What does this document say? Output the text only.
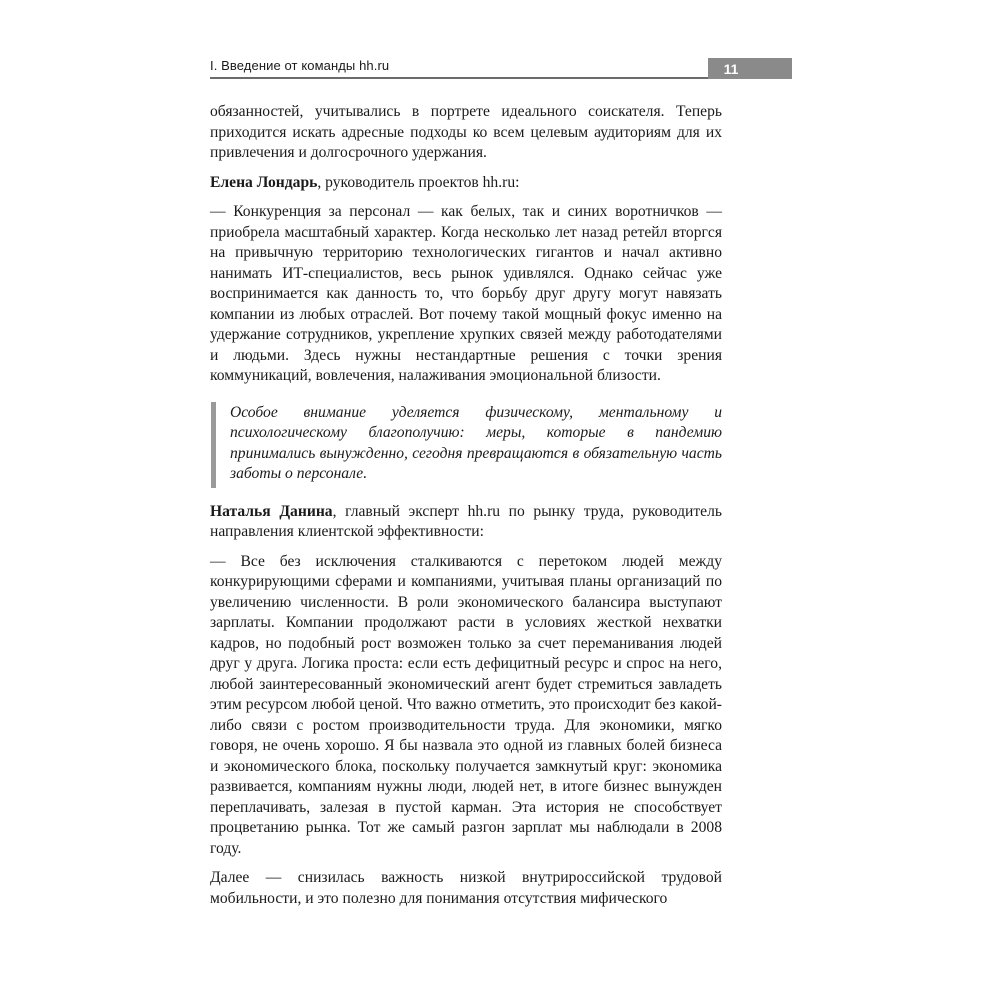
I. Введение от команды hh.ru	11

обязанностей, учитывались в портрете идеального соискателя. Теперь приходится искать адресные подходы ко всем целевым аудиториям для их привлечения и долгосрочного удержания.

Елена Лондарь, руководитель проектов hh.ru:

— Конкуренция за персонал — как белых, так и синих воротничков — приобрела масштабный характер. Когда несколько лет назад ретейл вторгся на привычную территорию технологических гигантов и начал активно нанимать ИТ-специалистов, весь рынок удивлялся. Однако сейчас уже воспринимается как данность то, что борьбу друг другу могут навязать компании из любых отраслей. Вот почему такой мощный фокус именно на удержание сотрудников, укрепление хрупких связей между работодателями и людьми. Здесь нужны нестандартные решения с точки зрения коммуникаций, вовлечения, налаживания эмоциональной близости.

Особое внимание уделяется физическому, ментальному и психологическому благополучию: меры, которые в пандемию принимались вынужденно, сегодня превращаются в обязательную часть заботы о персонале.

Наталья Данина, главный эксперт hh.ru по рынку труда, руководитель направления клиентской эффективности:

— Все без исключения сталкиваются с перетоком людей между конкурирующими сферами и компаниями, учитывая планы организаций по увеличению численности. В роли экономического балансира выступают зарплаты. Компании продолжают расти в условиях жесткой нехватки кадров, но подобный рост возможен только за счет переманивания людей друг у друга. Логика проста: если есть дефицитный ресурс и спрос на него, любой заинтересованный экономический агент будет стремиться завладеть этим ресурсом любой ценой. Что важно отметить, это происходит без какой-либо связи с ростом производительности труда. Для экономики, мягко говоря, не очень хорошо. Я бы назвала это одной из главных болей бизнеса и экономического блока, поскольку получается замкнутый круг: экономика развивается, компаниям нужны люди, людей нет, в итоге бизнес вынужден переплачивать, залезая в пустой карман. Эта история не способствует процветанию рынка. Тот же самый разгон зарплат мы наблюдали в 2008 году.

Далее — снизилась важность низкой внутрироссийской трудовой мобильности, и это полезно для понимания отсутствия мифического
